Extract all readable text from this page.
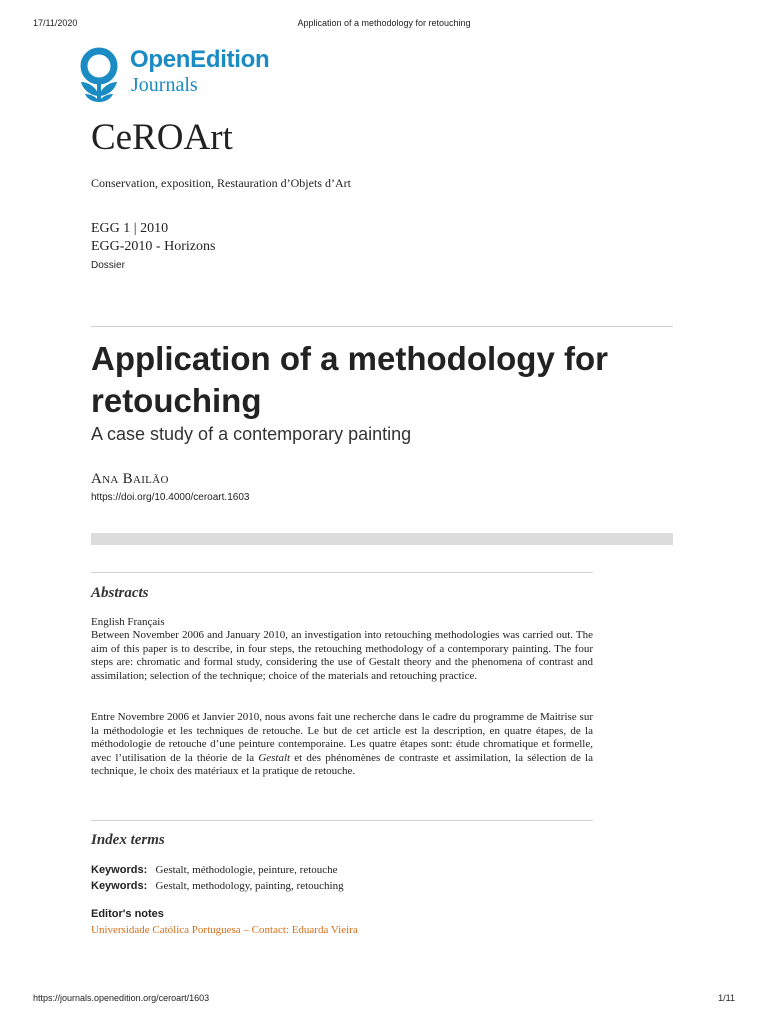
17/11/2020	Application of a methodology for retouching
OpenEdition
Journals
CeROArt
Conservation, exposition, Restauration d’Objets d’Art
EGG 1 | 2010
EGG-2010 - Horizons
Dossier
Application of a methodology for retouching
A case study of a contemporary painting
Ana Bailão
https://doi.org/10.4000/ceroart.1603
Abstracts
English Français

Between November 2006 and January 2010, an investigation into retouching methodologies was carried out. The aim of this paper is to describe, in four steps, the retouching methodology of a contemporary painting. The four steps are: chromatic and formal study, considering the use of Gestalt theory and the phenomena of contrast and assimilation; selection of the technique; choice of the materials and retouching practice.

Entre Novembre 2006 et Janvier 2010, nous avons fait une recherche dans le cadre du programme de Maitrise sur la méthodologie et les techniques de retouche. Le but de cet article est la description, en quatre étapes, de la méthodologie de retouche d’une peinture contemporaine. Les quatre étapes sont: étude chromatique et formelle, avec l’utilisation de la théorie de la Gestalt et des phénomènes de contraste et assimilation, la sélection de la technique, le choix des matériaux et la pratique de retouche.

Index terms
Keywords: Gestalt, méthodologie, peinture, retouche
Keywords: Gestalt, methodology, painting, retouching
Editor's notes
Universidade Católica Portuguesa – Contact: Eduarda Vieira
https://journals.openedition.org/ceroart/1603	1/11
